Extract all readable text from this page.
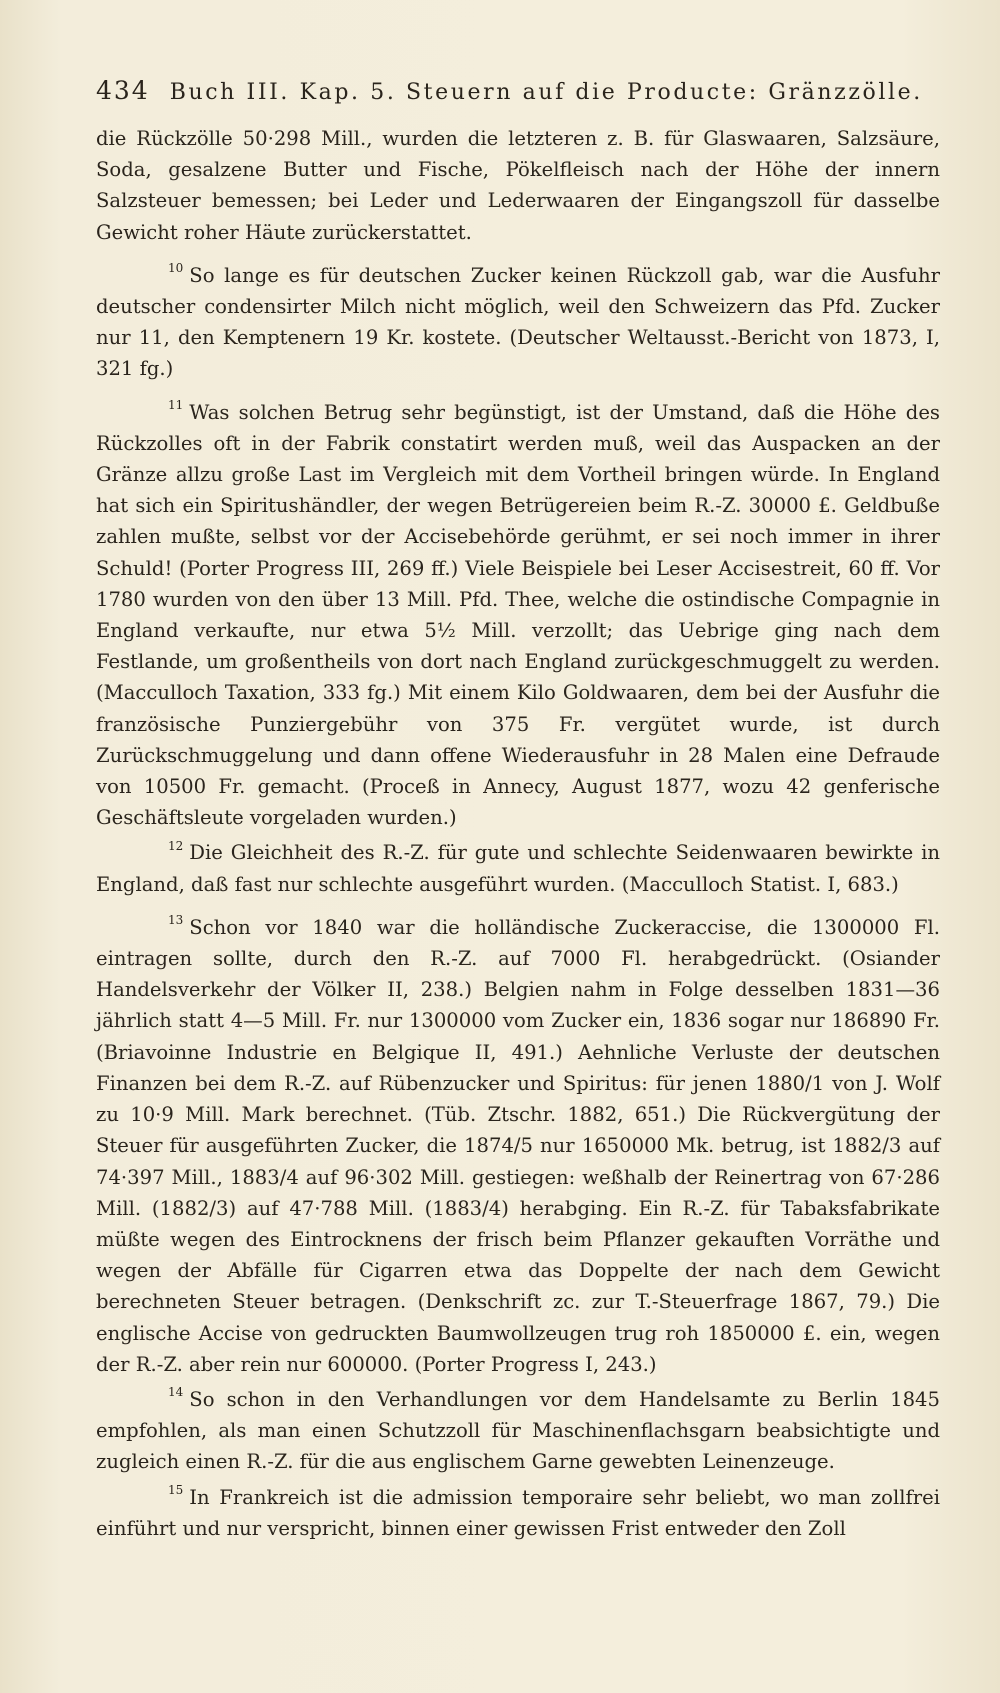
434 Buch III. Kap. 5. Steuern auf die Producte: Gränzzölle.

die Rückzölle 50·298 Mill., wurden die letzteren z. B. für Glaswaaren, Salzsäure, Soda, gesalzene Butter und Fische, Pökelfleisch nach der Höhe der innern Salzsteuer bemessen; bei Leder und Lederwaaren der Eingangszoll für dasselbe Gewicht roher Häute zurückerstattet.

$^{10}$ So lange es für deutschen Zucker keinen Rückzoll gab, war die Ausfuhr deutscher condensirter Milch nicht möglich, weil den Schweizern das Pfd. Zucker nur 11, den Kemptenern 19 Kr. kostete. (Deutscher Weltausst.-Bericht von 1873, I, 321 fg.)

$^{11}$ Was solchen Betrug sehr begünstigt, ist der Umstand, daß die Höhe des Rückzolles oft in der Fabrik constatirt werden muß, weil das Auspacken an der Gränze allzu große Last im Vergleich mit dem Vortheil bringen würde. In England hat sich ein Spiritushändler, der wegen Betrügereien beim R.-Z. 30000 £. Geldbuße zahlen mußte, selbst vor der Accisebehörde gerühmt, er sei noch immer in ihrer Schuld! (Porter Progress III, 269 ff.) Viele Beispiele bei Leser Accisestreit, 60 ff. Vor 1780 wurden von den über 13 Mill. Pfd. Thee, welche die ostindische Compagnie in England verkaufte, nur etwa 5½ Mill. verzollt; das Uebrige ging nach dem Festlande, um großentheils von dort nach England zurückgeschmuggelt zu werden. (Macculloch Taxation, 333 fg.) Mit einem Kilo Goldwaaren, dem bei der Ausfuhr die französische Punziergebühr von 375 Fr. vergütet wurde, ist durch Zurückschmuggelung und dann offene Wiederausfuhr in 28 Malen eine Defraude von 10500 Fr. gemacht. (Proceß in Annecy, August 1877, wozu 42 genferische Geschäftsleute vorgeladen wurden.)

$^{12}$ Die Gleichheit des R.-Z. für gute und schlechte Seidenwaaren bewirkte in England, daß fast nur schlechte ausgeführt wurden. (Macculloch Statist. I, 683.)

$^{13}$ Schon vor 1840 war die holländische Zuckeraccise, die 1300000 Fl. eintragen sollte, durch den R.-Z. auf 7000 Fl. herabgedrückt. (Osiander Handelsverkehr der Völker II, 238.) Belgien nahm in Folge desselben 1831—36 jährlich statt 4—5 Mill. Fr. nur 1300000 vom Zucker ein, 1836 sogar nur 186890 Fr. (Briavoinne Industrie en Belgique II, 491.) Aehnliche Verluste der deutschen Finanzen bei dem R.-Z. auf Rübenzucker und Spiritus: für jenen 1880/1 von J. Wolf zu 10·9 Mill. Mark berechnet. (Tüb. Ztschr. 1882, 651.) Die Rückvergütung der Steuer für ausgeführten Zucker, die 1874/5 nur 1650000 Mk. betrug, ist 1882/3 auf 74·397 Mill., 1883/4 auf 96·302 Mill. gestiegen: weßhalb der Reinertrag von 67·286 Mill. (1882/3) auf 47·788 Mill. (1883/4) herabging. Ein R.-Z. für Tabaksfabrikate müßte wegen des Eintrocknens der frisch beim Pflanzer gekauften Vorräthe und wegen der Abfälle für Cigarren etwa das Doppelte der nach dem Gewicht berechneten Steuer betragen. (Denkschrift zc. zur T.-Steuerfrage 1867, 79.) Die englische Accise von gedruckten Baumwollzeugen trug roh 1850000 £. ein, wegen der R.-Z. aber rein nur 600000. (Porter Progress I, 243.)

$^{14}$ So schon in den Verhandlungen vor dem Handelsamte zu Berlin 1845 empfohlen, als man einen Schutzzoll für Maschinenflachsgarn beabsichtigte und zugleich einen R.-Z. für die aus englischem Garne gewebten Leinenzeuge.

$^{15}$ In Frankreich ist die admission temporaire sehr beliebt, wo man zollfrei einführt und nur verspricht, binnen einer gewissen Frist entweder den Zoll
